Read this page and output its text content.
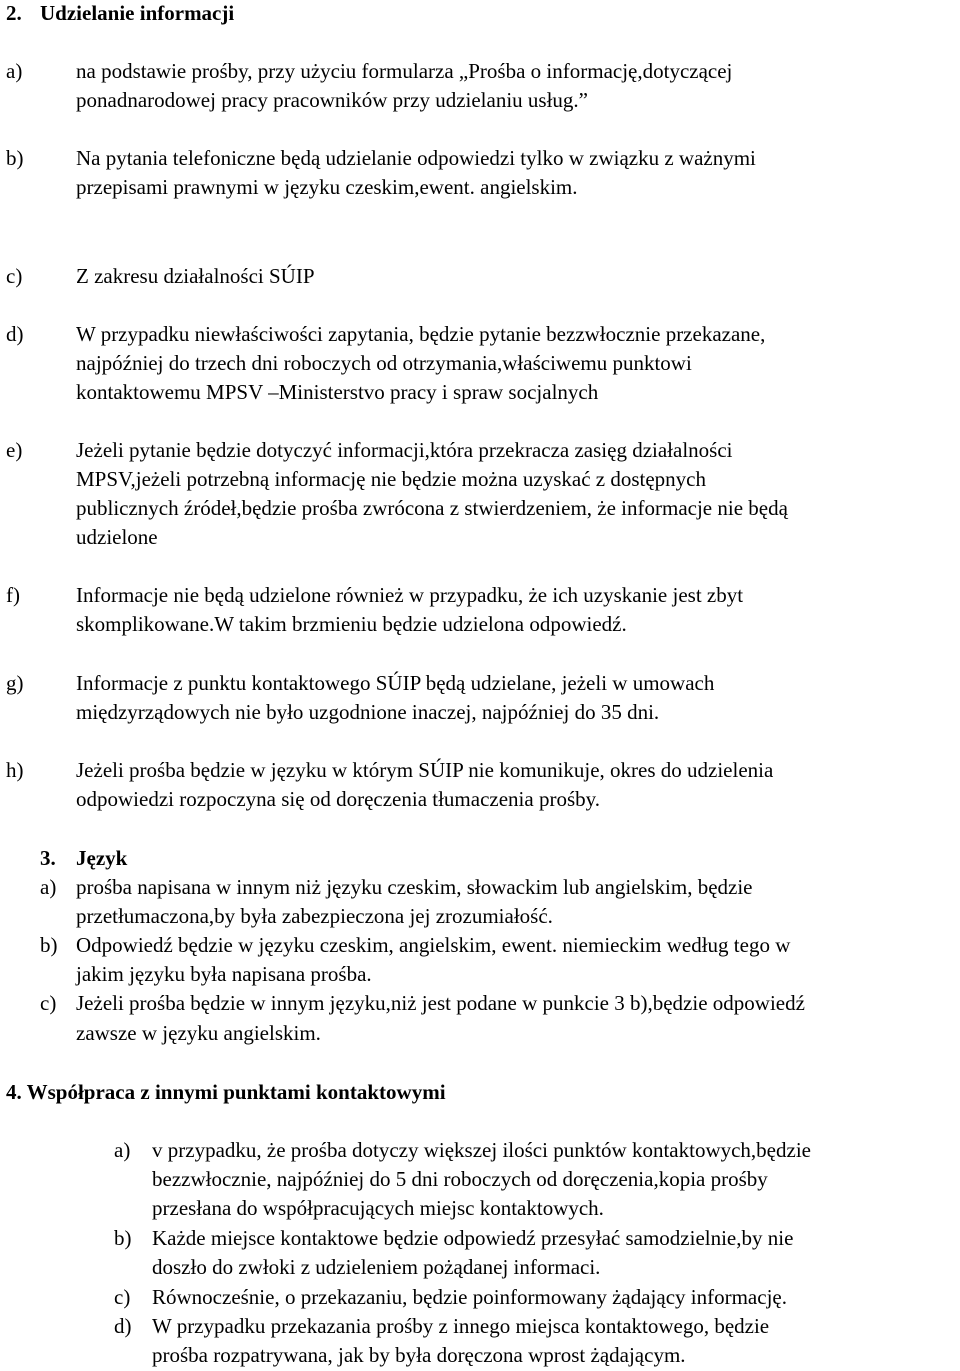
2. Udzielanie informacji
a)	na podstawie prośby, przy użyciu formularza „Prośba o informację,dotyczącej
ponadnarodowej pracy pracowników przy udzielaniu usług.”
b)	Na pytania telefoniczne będą udzielanie odpowiedzi tylko w związku z ważnymi
przepisami prawnymi w języku czeskim,ewent. angielskim.
c)	Z zakresu działalności SÚIP
d)	W przypadku niewłaściwości zapytania, będzie pytanie bezzwłocznie przekazane,
najpóźniej do trzech dni roboczych od otrzymania,właściwemu punktowi
kontaktowemu MPSV –Ministerstvo pracy i spraw socjalnych
e)	Jeżeli pytanie będzie dotyczyć informacji,która przekracza zasięg działalności
MPSV,jeżeli potrzebną informację nie będzie można uzyskać z dostępnych
publicznych źródeł,będzie prośba zwrócona z stwierdzeniem, że informacje nie będą
udzielone
f)	Informacje nie będą udzielone również w przypadku, że ich uzyskanie jest zbyt
skomplikowane.W takim brzmieniu będzie udzielona odpowiedź.
g)	Informacje z punktu kontaktowego SÚIP będą udzielane, jeżeli w umowach
międzyrządowych nie było uzgodnione inaczej, najpóźniej do 35 dni.
h)	Jeżeli prośba będzie w języku w którym SÚIP nie komunikuje, okres do udzielenia
odpowiedzi rozpoczyna się od doręczenia tłumaczenia prośby.
3. Język
a) prośba napisana w innym niż języku czeskim, słowackim lub angielskim, będzie
przetłumaczona,by była zabezpieczona jej zrozumiałość.
b) Odpowiedź będzie w języku czeskim, angielskim, ewent. niemieckim według tego w
jakim języku była napisana prośba.
c) Jeżeli prośba będzie w innym języku,niż jest podane w punkcie 3 b),będzie odpowiedź
zawsze w języku angielskim.
4. Współpraca z innymi punktami kontaktowymi
a) v przypadku, że prośba dotyczy większej ilości punktów kontaktowych,będzie
bezzwłocznie, najpóźniej do 5 dni roboczych od doręczenia,kopia prośby
przesłana do współpracujących miejsc kontaktowych.
b) Każde miejsce kontaktowe będzie odpowiedź przesyłać samodzielnie,by nie
doszło do zwłoki z udzieleniem pożądanej informaci.
c) Równocześnie, o przekazaniu, będzie poinformowany żądający informację.
d) W przypadku przekazania prośby z innego miejsca kontaktowego, będzie
prośba rozpatrywana, jak by była doręczona wprost żądającym.
